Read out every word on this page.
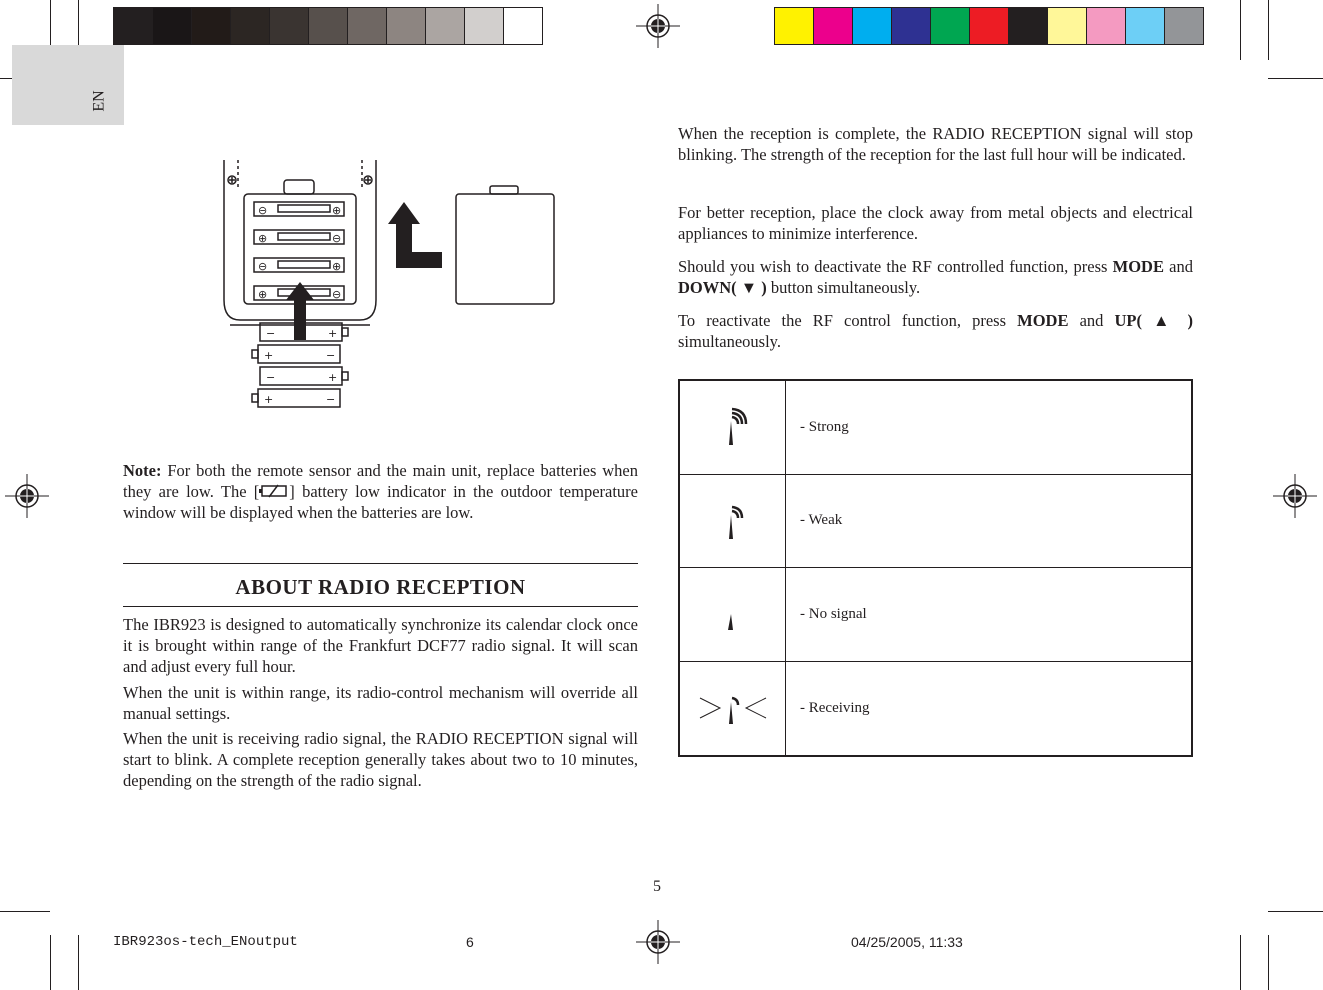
EN
⊖	⊕
⊕	⊖
⊖	⊕
⊕	⊖
−	+
+	−
−	+
+	−

Note: For both the remote sensor and the main unit, replace batteries when they are low. The [ ] battery low indicator in the outdoor temperature window will be displayed when the batteries are low.

ABOUT RADIO RECEPTION

The IBR923 is designed to automatically synchronize its calendar clock once it is brought within range of the Frankfurt DCF77 radio signal. It will scan and adjust every full hour.

When the unit is within range, its radio-control mechanism will override all manual settings.

When the unit is receiving radio signal, the RADIO RECEPTION signal will start to blink. A complete reception generally takes about two to 10 minutes, depending on the strength of the radio signal.

When the reception is complete, the RADIO RECEPTION signal will stop blinking. The strength of the reception for the last full hour will be indicated.

For better reception, place the clock away from metal objects and electrical appliances to minimize interference.

Should you wish to deactivate the RF controlled function, press MODE and DOWN( ▼ ) button simultaneously.

To reactivate the RF control function, press MODE and UP( ▲ ) simultaneously.

- Strong
- Weak
- No signal
- Receiving
5
IBR923os-tech_ENoutput	6	04/25/2005, 11:33
